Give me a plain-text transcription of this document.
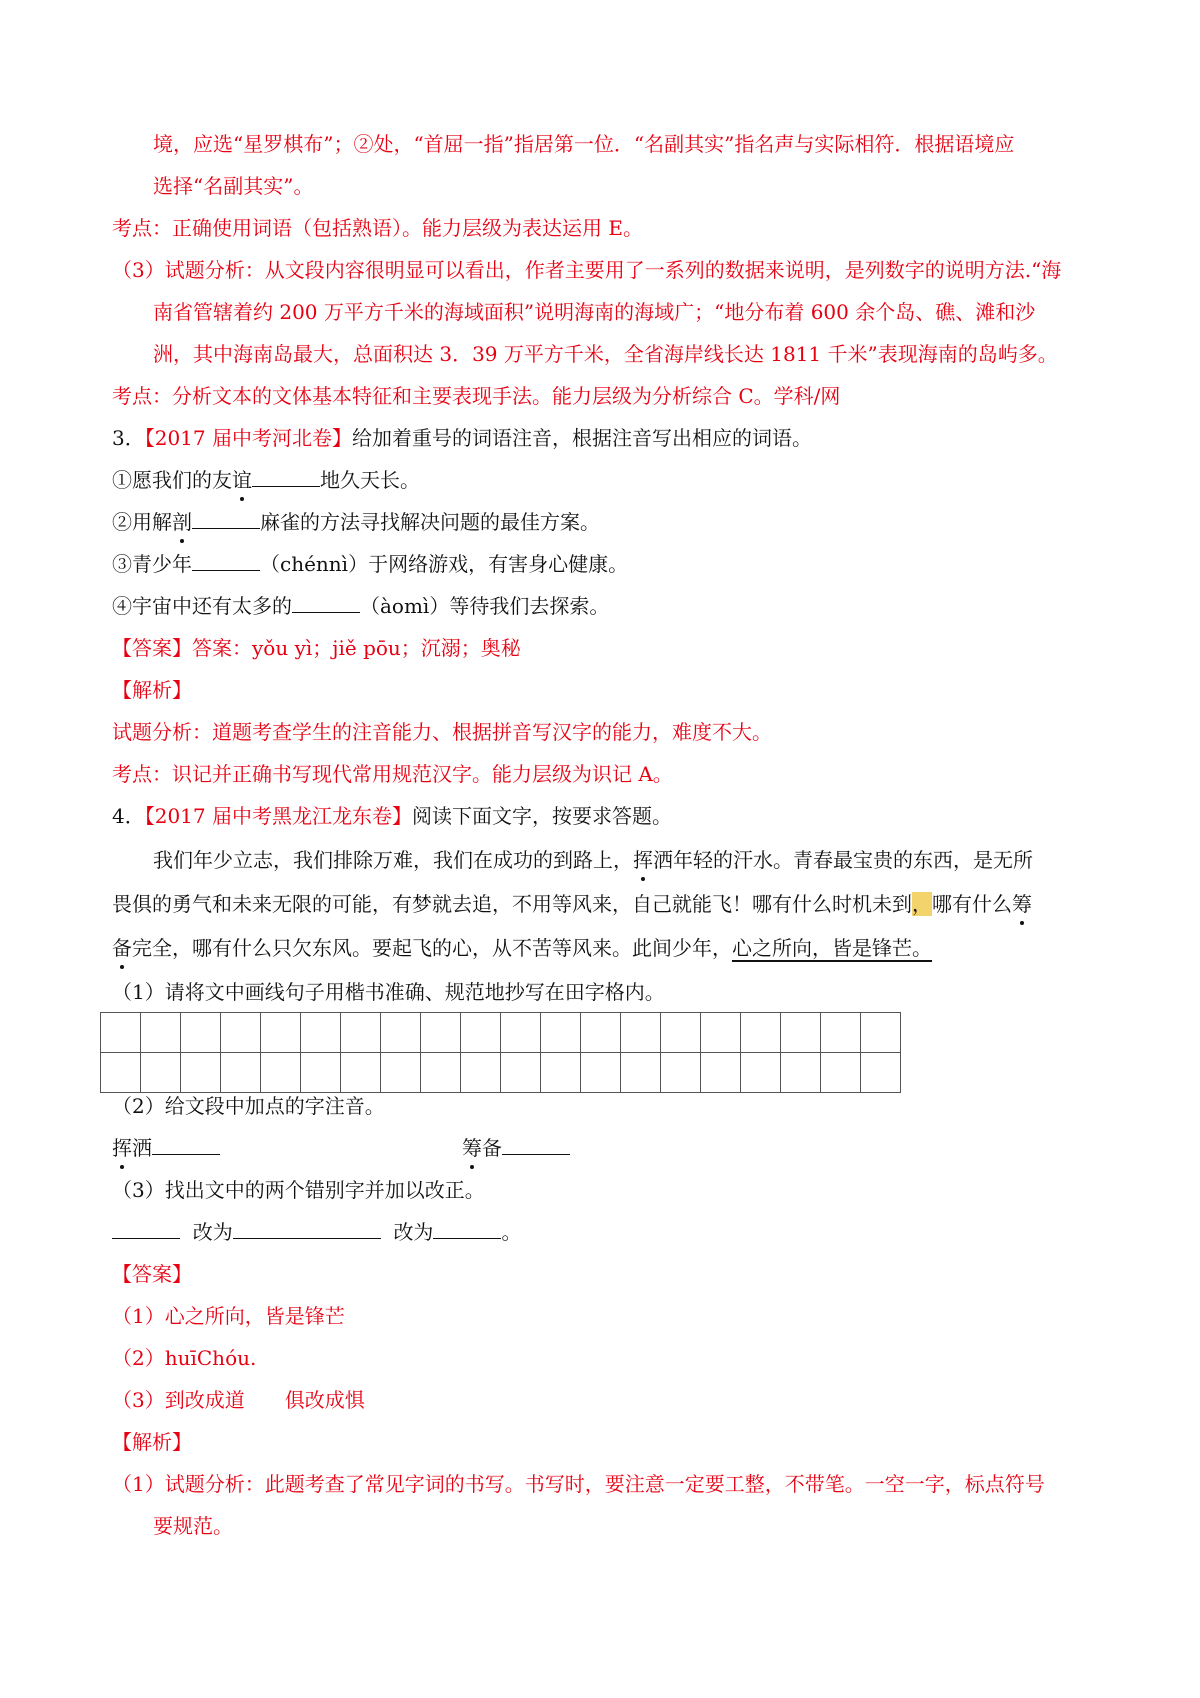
境，应选“星罗棋布”；②处，“首屈一指”指居第一位．“名副其实”指名声与实际相符．根据语境应
选择“名副其实”。
考点：正确使用词语（包括熟语）。能力层级为表达运用 E。
（3）试题分析：从文段内容很明显可以看出，作者主要用了一系列的数据来说明，是列数字的说明方法.“海
南省管辖着约 200 万平方千米的海域面积”说明海南的海域广；“地分布着 600 余个岛、礁、滩和沙
洲，其中海南岛最大，总面积达 3．39 万平方千米，全省海岸线长达 1811 千米”表现海南的岛屿多。
考点：分析文本的文体基本特征和主要表现手法。能力层级为分析综合 C。学科/网
3．【2017 届中考河北卷】给加着重号的词语注音，根据注音写出相应的词语。
①愿我们的友谊	地久天长。
②用解剖	麻雀的方法寻找解决问题的最佳方案。
③青少年	（chénnì）于网络游戏，有害身心健康。
④宇宙中还有太多的	（àomì）等待我们去探索。
【答案】答案：yǒu yì；jiě pōu；沉溺；奥秘
【解析】
试题分析：道题考查学生的注音能力、根据拼音写汉字的能力，难度不大。
考点：识记并正确书写现代常用规范汉字。能力层级为识记 A。
4．【2017 届中考黑龙江龙东卷】阅读下面文字，按要求答题。
我们年少立志，我们排除万难，我们在成功的到路上，挥洒年轻的汗水。青春最宝贵的东西，是无所
畏俱的勇气和未来无限的可能，有梦就去追，不用等风来，自己就能飞！哪有什么时机未到，哪有什么筹
备完全，哪有什么只欠东风。要起飞的心，从不苦等风来。此间少年，心之所向，皆是锋芒。
（1）请将文中画线句子用楷书准确、规范地抄写在田字格内。

（2）给文段中加点的字注音。
挥洒	筹备
（3）找出文中的两个错别字并加以改正。
改为	改为	。
【答案】
（1）心之所向，皆是锋芒
（2）huīChóu.
（3）到改成道　　俱改成惧
【解析】
（1）试题分析：此题考查了常见字词的书写。书写时，要注意一定要工整，不带笔。一空一字，标点符号
要规范。
